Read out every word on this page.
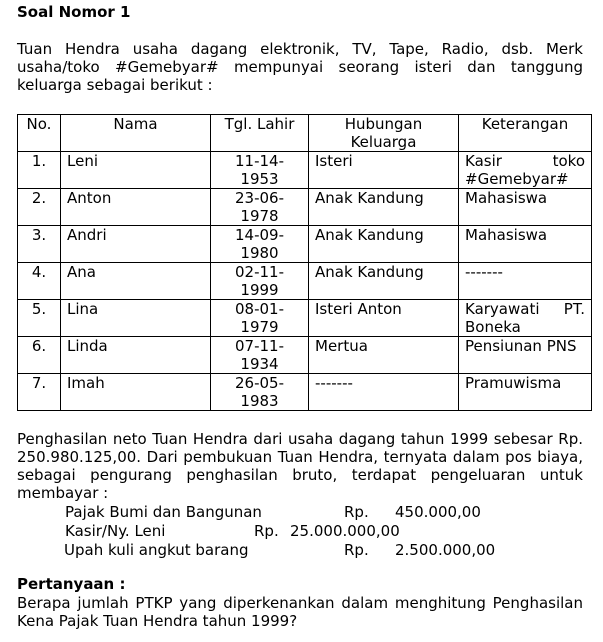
Soal Nomor 1
Tuan Hendra usaha dagang elektronik, TV, Tape, Radio, dsb. Merk usaha/toko #Gemebyar# mempunyai seorang isteri dan tanggung keluarga sebagai berikut :
No.	Nama	Tgl. Lahir	Hubungan Keluarga	Keterangan
1.	Leni	11-14-1953	Isteri	Kasir toko #Gemebyar#
2.	Anton	23-06-1978	Anak Kandung	Mahasiswa
3.	Andri	14-09-1980	Anak Kandung	Mahasiswa
4.	Ana	02-11-1999	Anak Kandung	-------
5.	Lina	08-01-1979	Isteri Anton	Karyawati PT. Boneka
6.	Linda	07-11-1934	Mertua	Pensiunan PNS
7.	Imah	26-05-1983	-------	Pramuwisma
Penghasilan neto Tuan Hendra dari usaha dagang tahun 1999 sebesar Rp. 250.980.125,00. Dari pembukuan Tuan Hendra, ternyata dalam pos biaya, sebagai pengurang penghasilan bruto, terdapat pengeluaran untuk membayar :
Pajak Bumi dan Bangunan	Rp. 450.000,00
Kasir/Ny. Leni	Rp. 25.000.000,00
Upah kuli angkut barang	Rp. 2.500.000,00
Pertanyaan :
Berapa jumlah PTKP yang diperkenankan dalam menghitung Penghasilan Kena Pajak Tuan Hendra tahun 1999?
